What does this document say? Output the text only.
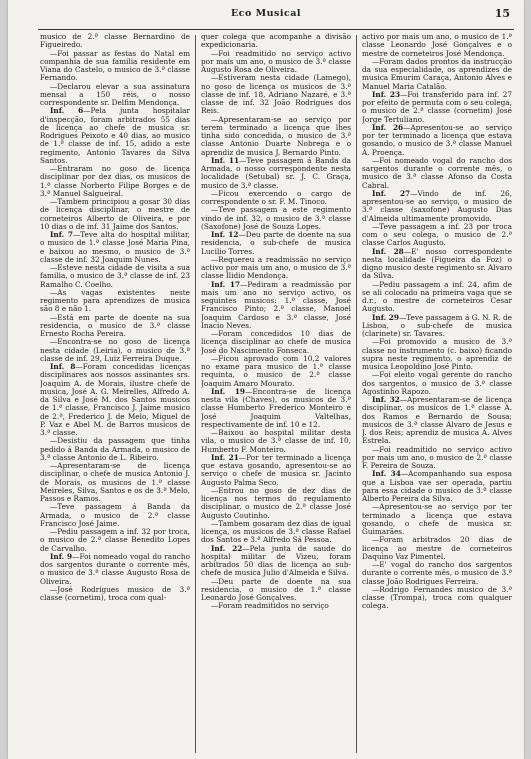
Eco Musical	15

musico de 2.ª classe Bernardino de Figueiredo.

—Foi passar as festas do Natal em companhia de sua familia residente em Viana do Castelo, o musico de 3.ª classe Fernando.

—Declarou elevar a sua assinatura mensal a 150 réis, o nosso correspondente sr. Delfim Mendonça.

Inf. 6—Pela junta hospitalar d'inspecção, foram arbitrados 55 dias de licença ao chefe de musica sr. Rodrigues Peixoto e 40 dias, ao musico de 1.ª classe de inf. 15, adido a este regimento, Antonio Tavares da Silva Santos.

—Entraram no goso de licença disciplinar por dez dias, os musicos de 1.ª classe Norberto Filipe Borges e de 3.ª Manuel Salgueiral.

—Tambem principiou a gosar 30 dias de licença disciplinar, o mestre de corneteiros Alberto de Oliveira, e por 10 dias o de inf. 31 Jaime dos Santos.

Inf. 7—Teve alta do hospital militar, o musico de 1.ª classe José Maria Pina, e baixou ao mesmo, o musico de 3.ª classe de inf. 32 Joaquim Nunes.

—Esteve nesta cidade de visita a sua familia, o musico de 3.ª classe de inf. 23 Ramalho C. Coelho.

—As vagas existentes neste regimento para aprendizes de musica são 8 e não 1.

—Está em parte de doente na sua residencia, o musico de 3.ª classe Ernesto Rocha Pereira.

—Encontra-se no goso de licença nesta cidade (Leiria), o musico de 3.ª classe de inf. 29, Luiz Ferreira Duque.

Inf. 8—Foram concedidas licenças disciplinares aos nossos assinantes srs. Joaquim A. de Morais, ilustre chefe de musica, José A. G. Meirelles, Alfredo A. da Silva e José M. dos Santos musicos de 1.ª classe, Francisco J. Jaime musico de 2.ª, Frederico J. de Melo, Miguel de P. Vaz e Abel M. de Barros musicos de 3.ª classe.

—Desistiu da passagem que tinha pedido á Banda da Armada, o musico de 3.ª classe Antonio de L. Ribeiro.

—Apresentaram-se de licença disciplinar, o chefe de musica Antonio J. de Morais, os musicos de 1.ª classe Meireles, Silva, Santos e os de 3.ª Melo, Passos e Ramos.

—Teve passagem á Banda da Armada, o musico de 2.ª classe Francisco José Jaime.

—Pediu passagem a inf. 32 por troca, o musico de 2.ª classe Benedito Lopes de Carvalho.

Inf. 9—Foi nomeado vogal do rancho dos sargentos durante o corrente mês, o musico de 3.ª classe Augusto Rosa de Oliveira.

—José Rodrigues musico de 3.ª classe (cornetim), troca com qual-

quer colega que acompanhe a divisão expedicionaria.

—Foi readmitido no serviço activo por mais um ano, o musico de 3.ª classe Augusto Rosa de Oliveira.

—Estiveram nesta cidade (Lamego), no goso de licença os musicos de 3.ª classe de inf. 18, Adriano Nazaré, e 3.ª classe de inf. 32 João Rodrigues dos Reis.

—Apresentaram-se ao serviço por terem terminado a licença que lhes tinha sido concedida, o musico de 3.ª classe Antonio Duarte Nobrega e o aprendiz de musica J. Bernardo Pinto.

Inf. 11—Teve passagem á Banda da Armada, o nosso correspondente nesta localidade (Setubal) sr. J. C. Graça, musico de 3.ª classe.

—Ficou exercendo o cargo de correspondente o sr. F. M. Tinoco.

—Teve passagem a este regimento vindo de inf. 32, o musico de 3.ª classe (Saxofone) José de Souza Lopes.

Inf. 12—Deu parte de doente na sua residencia, o sub-chefe de musica Lucilio Torres.

—Requereu a readmissão no serviço activo por mais um ano, o musico de 3.ª classe Ilidio Mendonça.

Inf. 17—Pediram a readmissão por mais um ano no serviço activo, os seguintes musicos: 1.ª classe, José Francisco Pinto; 2.ª classe, Manoel Joaquim Cardoso e 3.ª classe, José Inacio Neves.

—Foram concedidos 10 dias de licença disciplinar ao chefe de musica José do Nascimento Fonseca.

—Ficou aprovado com 10,2 valores no exame para musico de 1.ª classe requinta, o musico de 2.ª classe Joaquim Amaro Mourato.

Inf. 19—Encontra-se de licença nesta vila (Chaves), os musicos de 3.ª classe Humberto Frederico Monteiro e José Joaquim Valtelhas, respectivamente de inf. 10 e 12.

—Baixou ao hospital militar desta vila, o musico de 3.ª classe de inf. 10, Humberto F. Monteiro.

Inf. 21—Por ter terminado a licença que estava gosando, apresentou-se ao serviço o chefe de musica sr. Jacinto Augusto Palma Seco.

—Entrou no goso de dez dias de licença nos termos do regulamento disciplinar, o musico de 2.ª classe José Augusto Coutinho.

—Tambem gosaram dez dias de igual licença, os musicos de 3.ª classe Rafael dos Santos e 3.ª Alfredo Sá Pessoa.

Inf. 22—Pela junta de saude do hospital militar de Vizeu, foram arbitrados 50 dias de licença ao sub-chefe de musica Julio d'Almeida e Silva.

—Deu parte de doente na sua residencia, o musico de 1.ª classe Leonardo José Gonçalves.

—Foram readmitidos no serviço

activo por mais um ano, o musico de 1.ª classe Leonardo José Gonçalves e o mestre de corneteiros José Mendonça.

—Foram dados prontos da instrucção da sua especialidade, os aprendizes de musica Emurim Caraça, Antonio Alves e Manuel Maria Catalão.

Inf. 23—Foi transferido para inf. 27 por efeito de permuta com o seu colega, o musico de 2.ª classe (cornetim) José Jorge Tertuliano.

Inf. 26—Apresentou-se ao serviço por ter terminado a licença que estava gosando, o musico de 3.ª classe Manuel A. Proença.

—Foi nomeado vogal do rancho dos sargentos durante o corrente mês, o musico de 3.ª classe Afonso da Costa Cabral.

Inf. 27—Vindo de inf. 26, apresentou-se ao serviço, o musico de 3.ª classe (saxofone) Augusto Dias d'Almeida ultimamente promovido.

—Teve passagem a inf. 23 por troca com o seu colega, o musico de 2.ª classe Carlos Augusto.

Inf. 28—E' nosso correspondente nesta localidade (Figueira da Foz) o digno musico deste regimento sr. Alvaro da Silva.

—Pediu passagem a inf. 24, afim de se ali colocado na primeira vaga que se d.r., o mestre de corneteiros Cesar Augusto.

Inf. 29—Teve passagem á G. N. R. de Lisboa, o sub-chefe de musica (clarinete) sr. Tavares.

—Foi promovido a musico de 3.ª classe no instrumento (c. baixo) ficando supra neste regimento, o aprendiz de musica Leopoldino José Pinto.

—Foi eleito vogal gerente do rancho dos sargentos, o musico de 3.ª classe Agostinho Rapozo.

Inf. 32—Apresentaram-se de licença disciplinar, os musicos de 1.ª classe A. dos Ramos e Bernardo de Sousa; musicos de 3.ª classe Alvaro de Jesus e J. dos Reis; aprendiz de musica A. Alves Estrela.

—Foi readmitido no serviço activo por mais um ano, o musico de 2.ª classe F. Pereira de Souza.

Inf. 34—Acompanhando sua esposa que a Lisboa vae ser operada, partiu para essa cidade o musico de 3.ª classe Alberto Pereira da Silva.

—Apresentou-se ao serviço por ter terminado a licença que estava gosando, o chefe de musica sr. Guimarães.

—Foram arbitrados 20 dias de licença ao mestre de corneteiros Daquino Vaz Pimentel.

—E' vogal do rancho dos sargentos durante o corrente mês, o musico de 3.ª classe João Rodrigues Ferreira.

—Rodrigo Fernandes musico de 3.ª classe (Trompa), troca com qualquer colega.
